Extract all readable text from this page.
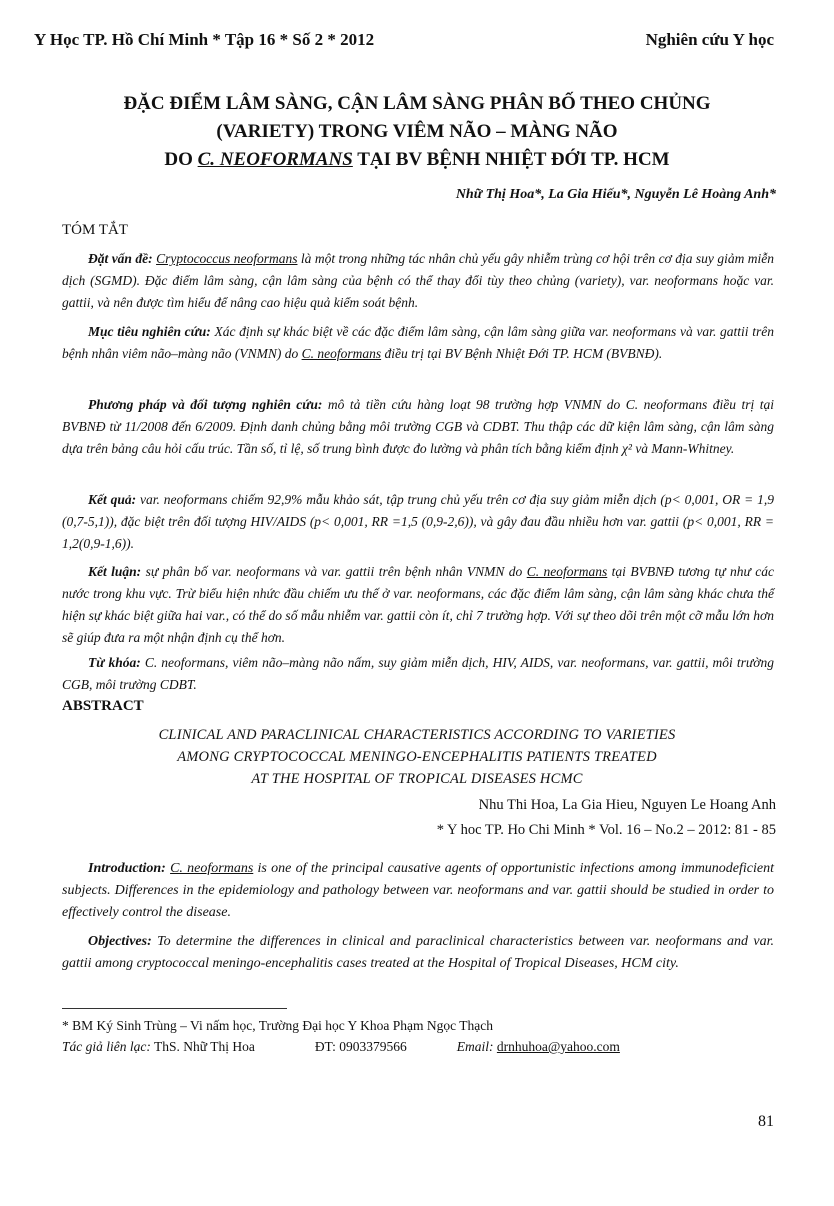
Y Học TP. Hồ Chí Minh * Tập 16 * Số 2 * 2012	Nghiên cứu Y học
ĐẶC ĐIỂM LÂM SÀNG, CẬN LÂM SÀNG PHÂN BỐ THEO CHỦNG
(VARIETY) TRONG VIÊM NÃO – MÀNG NÃO
DO C. NEOFORMANS TẠI BV BỆNH NHIỆT ĐỚI TP. HCM
Nhữ Thị Hoa*, La Gia Hiếu*, Nguyễn Lê Hoàng Anh*
TÓM TẮT

Đặt vấn đề: Cryptococcus neoformans là một trong những tác nhân chủ yếu gây nhiễm trùng cơ hội trên cơ địa suy giảm miễn dịch (SGMD). Đặc điểm lâm sàng, cận lâm sàng của bệnh có thể thay đổi tùy theo chủng (variety), var. neoformans hoặc var. gattii, và nên được tìm hiểu để nâng cao hiệu quả kiểm soát bệnh.

Mục tiêu nghiên cứu: Xác định sự khác biệt về các đặc điểm lâm sàng, cận lâm sàng giữa var. neoformans và var. gattii trên bệnh nhân viêm não–màng não (VNMN) do C. neoformans điều trị tại BV Bệnh Nhiệt Đới TP. HCM (BVBNĐ).

Phương pháp và đối tượng nghiên cứu: mô tả tiền cứu hàng loạt 98 trường hợp VNMN do C. neoformans điều trị tại BVBNĐ từ 11/2008 đến 6/2009. Định danh chủng bằng môi trường CGB và CDBT. Thu thập các dữ kiện lâm sàng, cận lâm sàng dựa trên bảng câu hỏi cấu trúc. Tần số, tỉ lệ, số trung bình được đo lường và phân tích bằng kiểm định χ² và Mann-Whitney.

Kết quả: var. neoformans chiếm 92,9% mẫu khảo sát, tập trung chủ yếu trên cơ địa suy giảm miễn dịch (p< 0,001, OR = 1,9 (0,7-5,1)), đặc biệt trên đối tượng HIV/AIDS (p< 0,001, RR =1,5 (0,9-2,6)), và gây đau đầu nhiều hơn var. gattii (p< 0,001, RR = 1,2(0,9-1,6)).

Kết luận: sự phân bố var. neoformans và var. gattii trên bệnh nhân VNMN do C. neoformans tại BVBNĐ tương tự như các nước trong khu vực. Trừ biểu hiện nhức đầu chiếm ưu thế ở var. neoformans, các đặc điểm lâm sàng, cận lâm sàng khác chưa thể hiện sự khác biệt giữa hai var., có thể do số mẫu nhiễm var. gattii còn ít, chỉ 7 trường hợp. Với sự theo dõi trên một cỡ mẫu lớn hơn sẽ giúp đưa ra một nhận định cụ thể hơn.

Từ khóa: C. neoformans, viêm não–màng não nấm, suy giảm miễn dịch, HIV, AIDS, var. neoformans, var. gattii, môi trường CGB, môi trường CDBT.

ABSTRACT
CLINICAL AND PARACLINICAL CHARACTERISTICS ACCORDING TO VARIETIES
AMONG CRYPTOCOCCAL MENINGO-ENCEPHALITIS PATIENTS TREATED
AT THE HOSPITAL OF TROPICAL DISEASES HCMC
Nhu Thi Hoa, La Gia Hieu, Nguyen Le Hoang Anh
* Y hoc TP. Ho Chi Minh * Vol. 16 – No.2 – 2012: 81 - 85

Introduction: C. neoformans is one of the principal causative agents of opportunistic infections among immunodeficient subjects. Differences in the epidemiology and pathology between var. neoformans and var. gattii should be studied in order to effectively control the disease.

Objectives: To determine the differences in clinical and paraclinical characteristics between var. neoformans and var. gattii among cryptococcal meningo-encephalitis cases treated at the Hospital of Tropical Diseases, HCM city.

* BM Ký Sinh Trùng – Vi nấm học, Trường Đại học Y Khoa Phạm Ngọc Thạch
Tác giả liên lạc: ThS. Nhữ Thị Hoa	ĐT: 0903379566	Email: drnhuhoa@yahoo.com
81
